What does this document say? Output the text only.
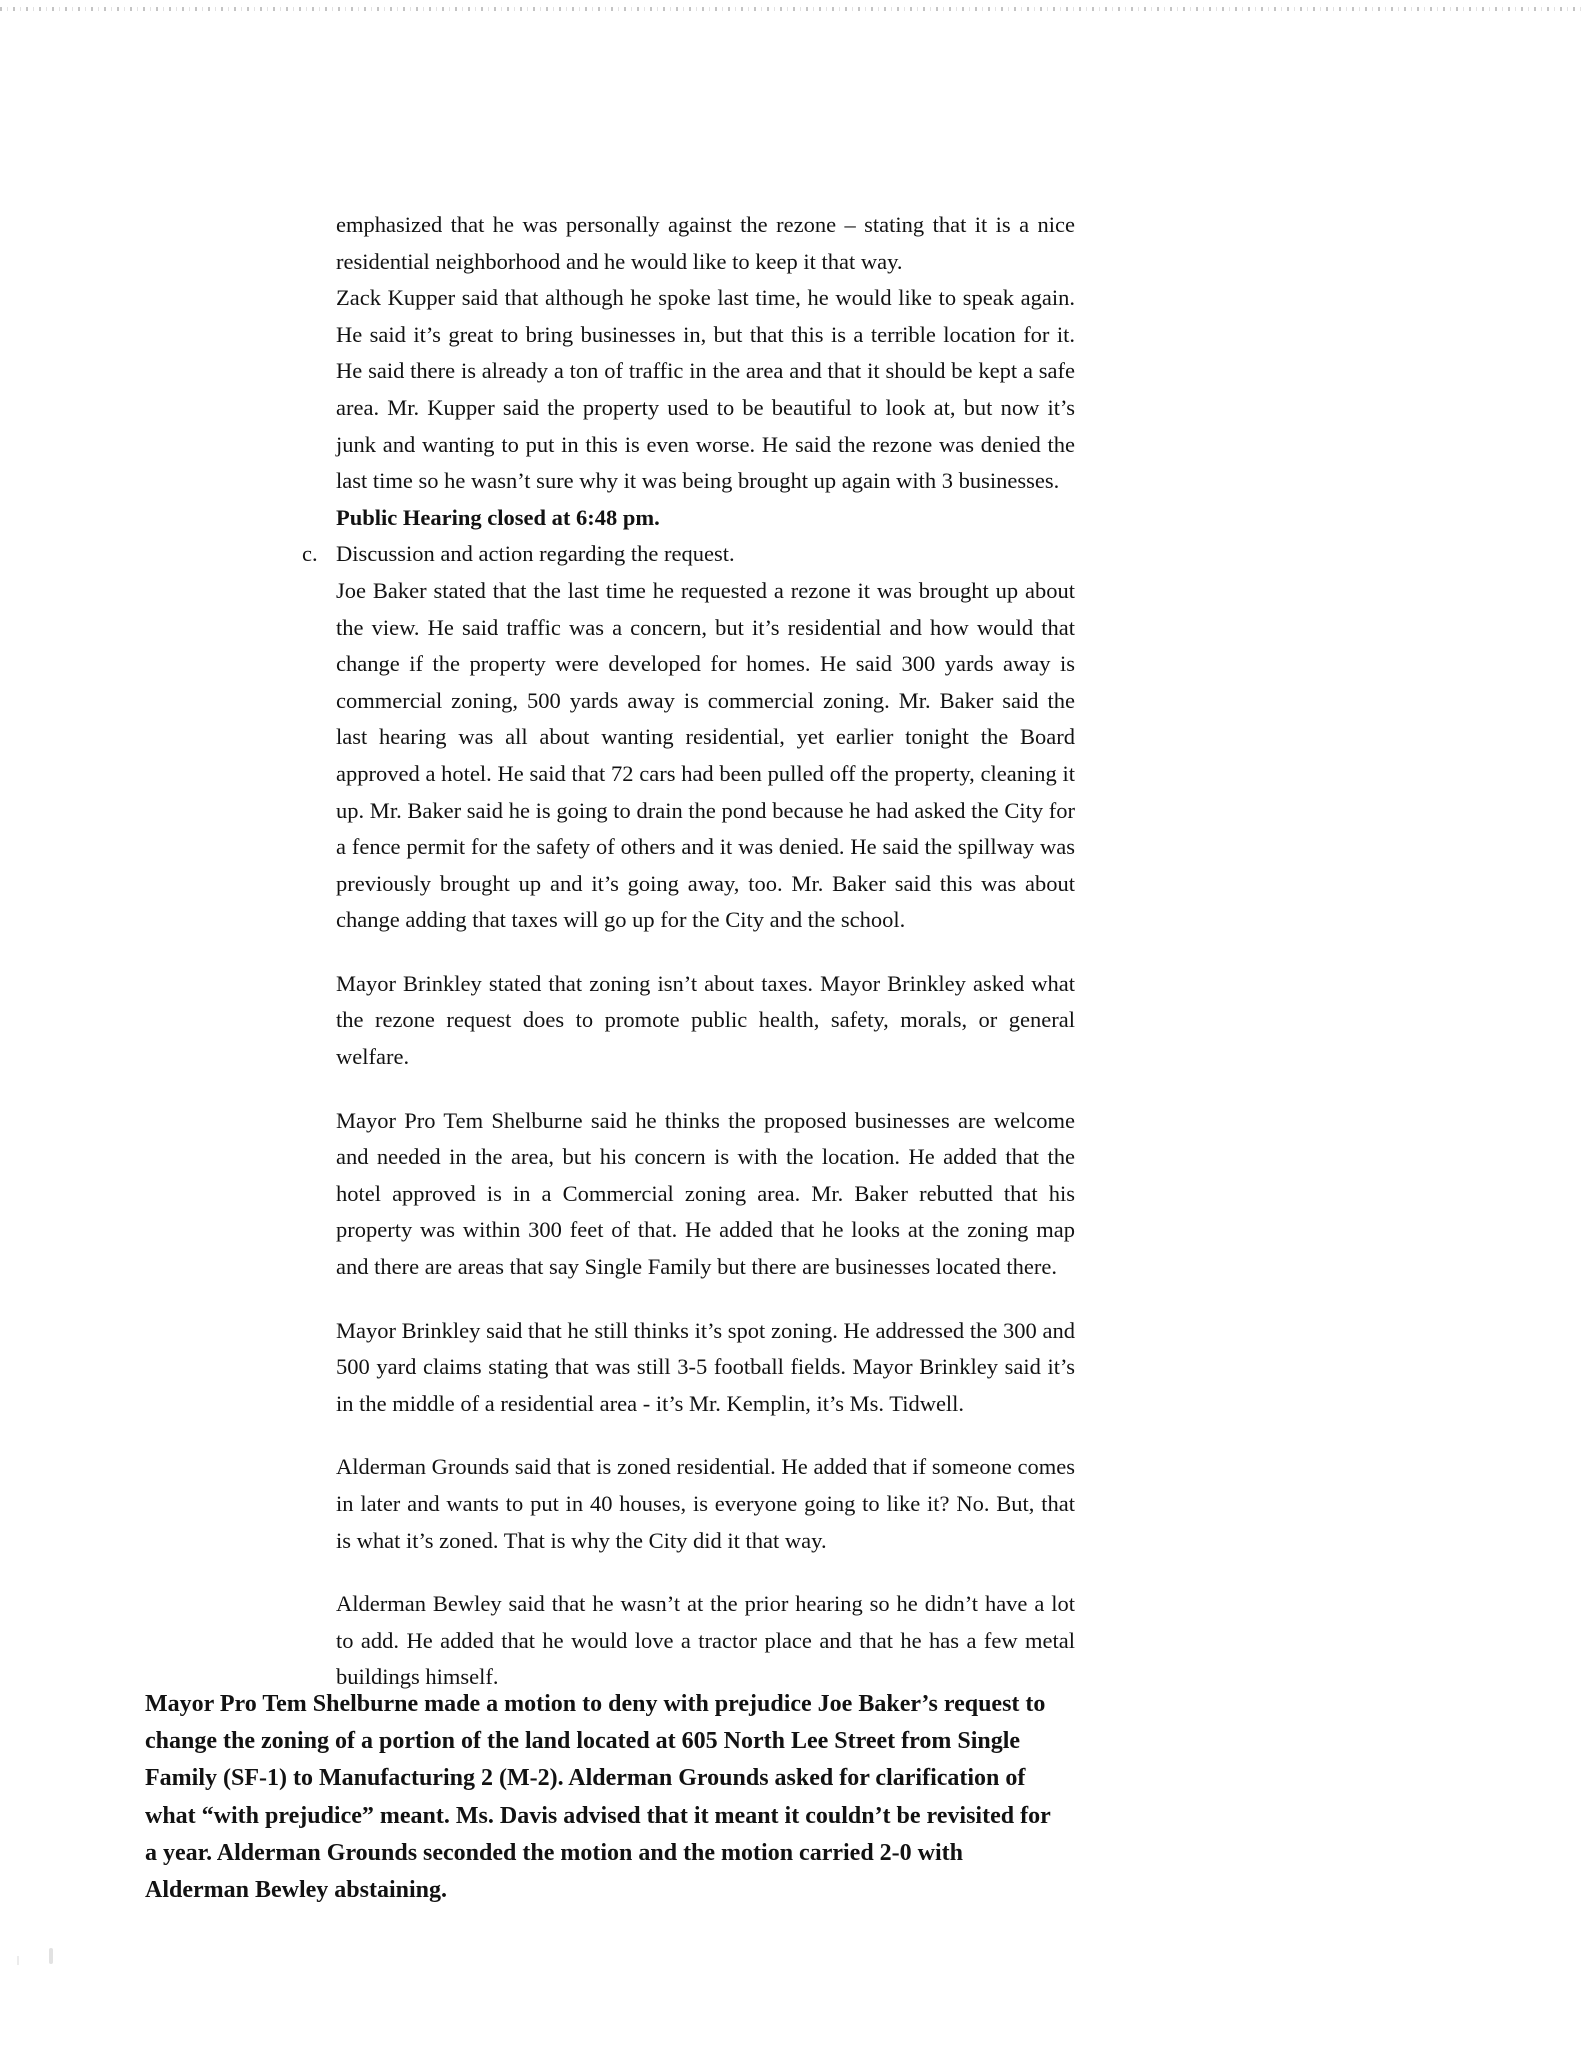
emphasized that he was personally against the rezone – stating that it is a nice residential neighborhood and he would like to keep it that way.

Zack Kupper said that although he spoke last time, he would like to speak again. He said it’s great to bring businesses in, but that this is a terrible location for it. He said there is already a ton of traffic in the area and that it should be kept a safe area. Mr. Kupper said the property used to be beautiful to look at, but now it’s junk and wanting to put in this is even worse. He said the rezone was denied the last time so he wasn’t sure why it was being brought up again with 3 businesses.

Public Hearing closed at 6:48 pm.

c. Discussion and action regarding the request.

Joe Baker stated that the last time he requested a rezone it was brought up about the view. He said traffic was a concern, but it’s residential and how would that change if the property were developed for homes. He said 300 yards away is commercial zoning, 500 yards away is commercial zoning. Mr. Baker said the last hearing was all about wanting residential, yet earlier tonight the Board approved a hotel. He said that 72 cars had been pulled off the property, cleaning it up. Mr. Baker said he is going to drain the pond because he had asked the City for a fence permit for the safety of others and it was denied. He said the spillway was previously brought up and it’s going away, too. Mr. Baker said this was about change adding that taxes will go up for the City and the school.

Mayor Brinkley stated that zoning isn’t about taxes. Mayor Brinkley asked what the rezone request does to promote public health, safety, morals, or general welfare.

Mayor Pro Tem Shelburne said he thinks the proposed businesses are welcome and needed in the area, but his concern is with the location. He added that the hotel approved is in a Commercial zoning area. Mr. Baker rebutted that his property was within 300 feet of that. He added that he looks at the zoning map and there are areas that say Single Family but there are businesses located there.

Mayor Brinkley said that he still thinks it’s spot zoning. He addressed the 300 and 500 yard claims stating that was still 3-5 football fields. Mayor Brinkley said it’s in the middle of a residential area - it’s Mr. Kemplin, it’s Ms. Tidwell.

Alderman Grounds said that is zoned residential. He added that if someone comes in later and wants to put in 40 houses, is everyone going to like it? No. But, that is what it’s zoned. That is why the City did it that way.

Alderman Bewley said that he wasn’t at the prior hearing so he didn’t have a lot to add. He added that he would love a tractor place and that he has a few metal buildings himself.

Mayor Pro Tem Shelburne made a motion to deny with prejudice Joe Baker’s request to change the zoning of a portion of the land located at 605 North Lee Street from Single Family (SF-1) to Manufacturing 2 (M-2). Alderman Grounds asked for clarification of what “with prejudice” meant. Ms. Davis advised that it meant it couldn’t be revisited for a year. Alderman Grounds seconded the motion and the motion carried 2-0 with Alderman Bewley abstaining.
